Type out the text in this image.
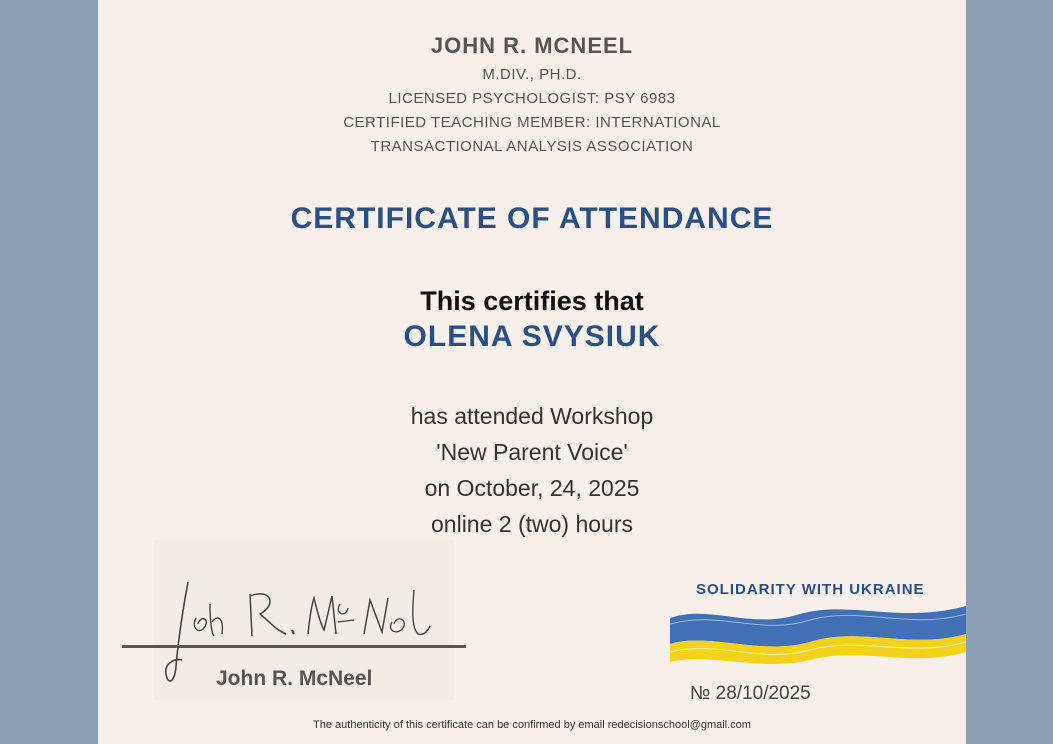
JOHN R. MCNEEL
M.DIV., PH.D.
LICENSED PSYCHOLOGIST: PSY 6983
CERTIFIED TEACHING MEMBER: INTERNATIONAL
TRANSACTIONAL ANALYSIS ASSOCIATION
CERTIFICATE OF ATTENDANCE
This certifies that
OLENA SVYSIUK
has attended Workshop
'New Parent Voice'
on October, 24, 2025
online 2 (two) hours
John R. McNeel
SOLIDARITY WITH UKRAINE
№ 28/10/2025
The authenticity of this certificate can be confirmed by email redecisionschool@gmail.com
